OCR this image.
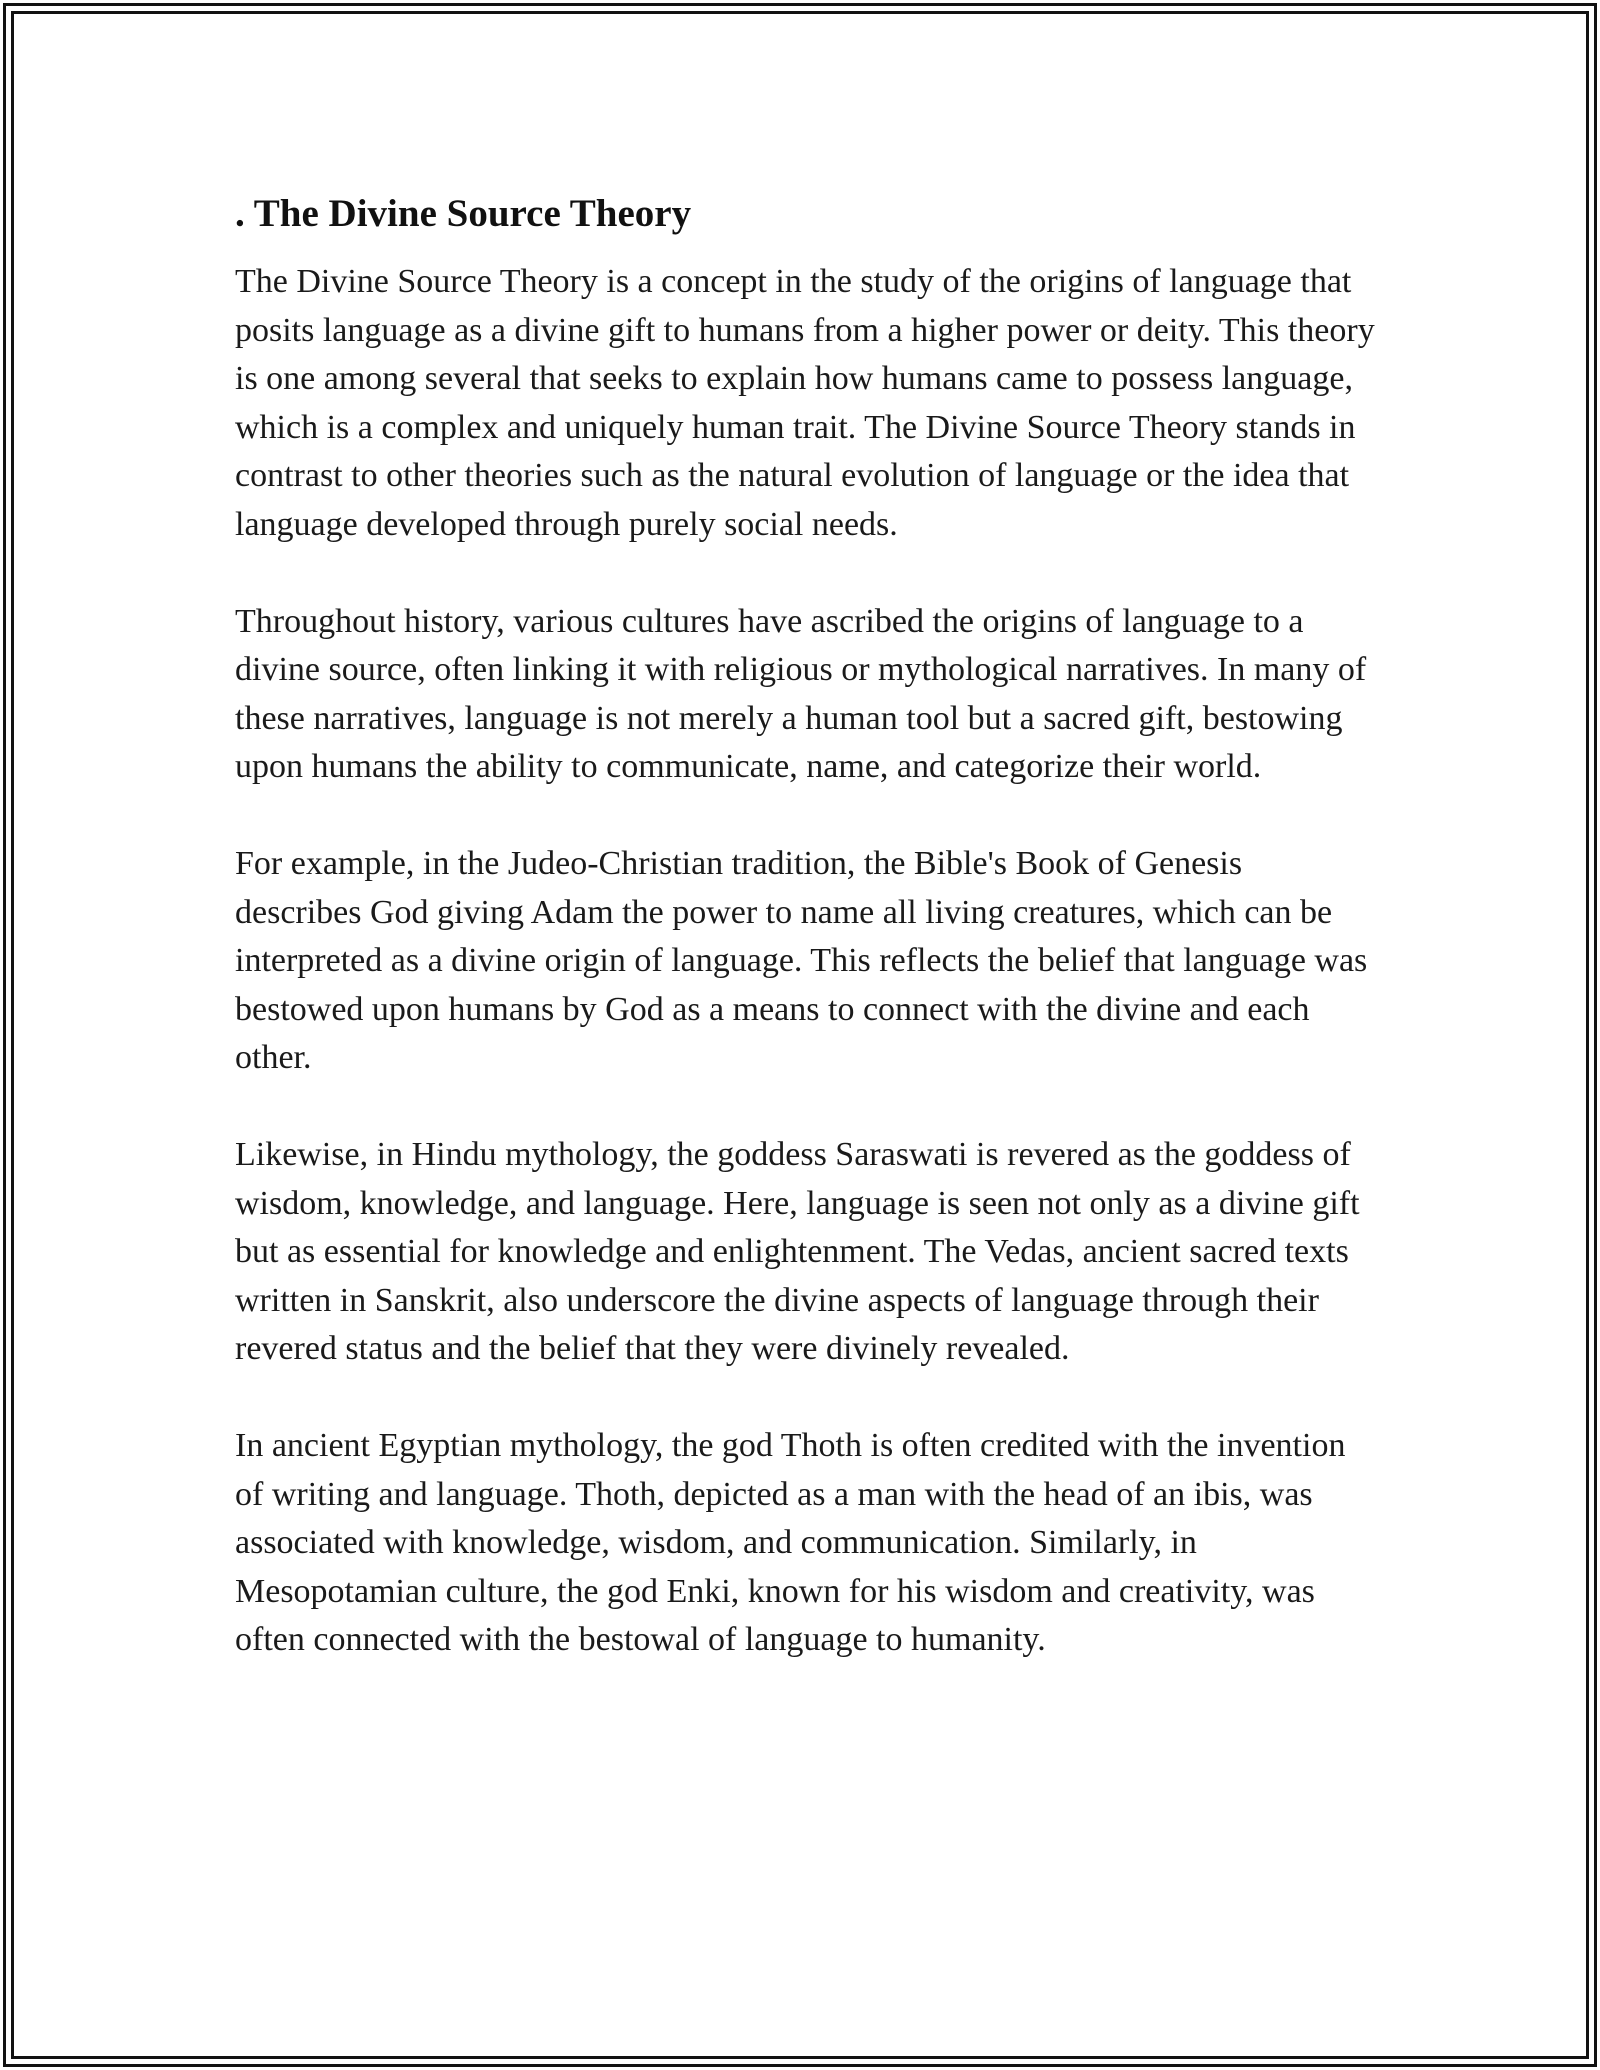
. The Divine Source Theory

The Divine Source Theory is a concept in the study of the origins of language that posits language as a divine gift to humans from a higher power or deity. This theory is one among several that seeks to explain how humans came to possess language, which is a complex and uniquely human trait. The Divine Source Theory stands in contrast to other theories such as the natural evolution of language or the idea that language developed through purely social needs.

Throughout history, various cultures have ascribed the origins of language to a divine source, often linking it with religious or mythological narratives. In many of these narratives, language is not merely a human tool but a sacred gift, bestowing upon humans the ability to communicate, name, and categorize their world.

For example, in the Judeo-Christian tradition, the Bible's Book of Genesis describes God giving Adam the power to name all living creatures, which can be interpreted as a divine origin of language. This reflects the belief that language was bestowed upon humans by God as a means to connect with the divine and each other.

Likewise, in Hindu mythology, the goddess Saraswati is revered as the goddess of wisdom, knowledge, and language. Here, language is seen not only as a divine gift but as essential for knowledge and enlightenment. The Vedas, ancient sacred texts written in Sanskrit, also underscore the divine aspects of language through their revered status and the belief that they were divinely revealed.

In ancient Egyptian mythology, the god Thoth is often credited with the invention of writing and language. Thoth, depicted as a man with the head of an ibis, was associated with knowledge, wisdom, and communication. Similarly, in Mesopotamian culture, the god Enki, known for his wisdom and creativity, was often connected with the bestowal of language to humanity.
